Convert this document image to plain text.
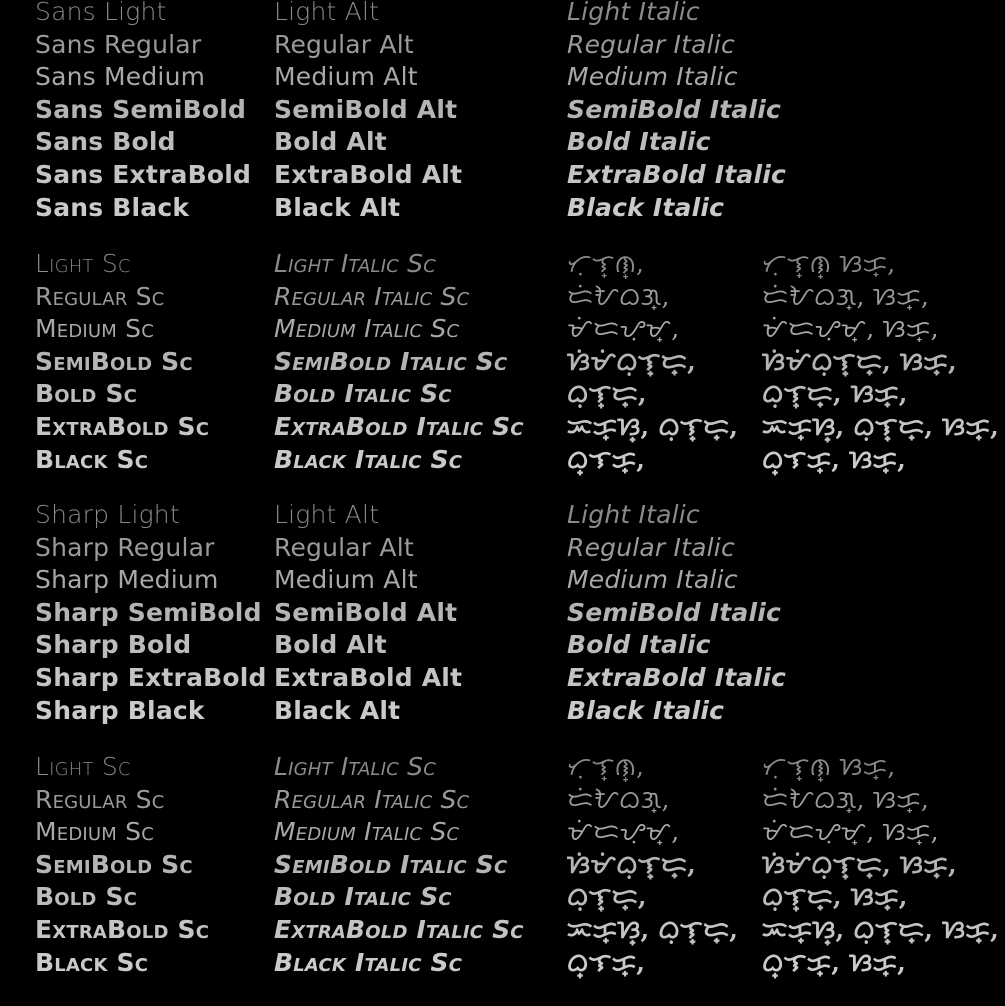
Sans Light
Sans Regular
Sans Medium
Sans SemiBold
Sans Bold
Sans ExtraBold
Sans Black
Light Alt
Regular Alt
Medium Alt
SemiBold Alt
Bold Alt
ExtraBold Alt
Black Alt
Light Italic
Regular Italic
Medium Italic
SemiBold Italic
Bold Italic
ExtraBold Italic
Black Italic
Light Sc
Regular Sc
Medium Sc
SemiBold Sc
Bold Sc
ExtraBold Sc
Black Sc
Light Italic Sc
Regular Italic Sc
Medium Italic Sc
SemiBold Italic Sc
Bold Italic Sc
ExtraBold Italic Sc
Black Italic Sc
ᜆᜓᜎ᜔ᜈ᜔,
ᜇᜒᜀᜊᜄ᜔,
ᜋᜒᜇᜌᜓᜋ᜔,
ᜐᜒᜋᜒᜊᜓᜎ᜔ᜇ᜔,
ᜊᜓᜎ᜔ᜇ᜔,
ᜁᜃ᜔ᜐ᜔, ᜊᜓᜎ᜔ᜇ᜔,
ᜊ᜔ᜎᜃ᜔,
ᜆᜓᜎ᜔ᜈ᜔ ᜐᜃ᜔,
ᜇᜒᜀᜊᜄ᜔, ᜐᜃ᜔,
ᜋᜒᜇᜌᜓᜋ᜔, ᜐᜃ᜔,
ᜐᜒᜋᜒᜊᜓᜎ᜔ᜇ᜔, ᜐᜃ᜔,
ᜊᜓᜎ᜔ᜇ᜔, ᜐᜃ᜔,
ᜁᜃ᜔ᜐ᜔, ᜊᜓᜎ᜔ᜇ᜔, ᜐᜃ᜔,
ᜊ᜔ᜎᜃ᜔, ᜐᜃ᜔,
Sharp Light
Sharp Regular
Sharp Medium
Sharp SemiBold
Sharp Bold
Sharp ExtraBold
Sharp Black
Light Alt
Regular Alt
Medium Alt
SemiBold Alt
Bold Alt
ExtraBold Alt
Black Alt
Light Italic
Regular Italic
Medium Italic
SemiBold Italic
Bold Italic
ExtraBold Italic
Black Italic
Light Sc
Regular Sc
Medium Sc
SemiBold Sc
Bold Sc
ExtraBold Sc
Black Sc
Light Italic Sc
Regular Italic Sc
Medium Italic Sc
SemiBold Italic Sc
Bold Italic Sc
ExtraBold Italic Sc
Black Italic Sc
ᜆᜓᜎ᜔ᜈ᜔,
ᜇᜒᜀᜊᜄ᜔,
ᜋᜒᜇᜌᜓᜋ᜔,
ᜐᜒᜋᜒᜊᜓᜎ᜔ᜇ᜔,
ᜊᜓᜎ᜔ᜇ᜔,
ᜁᜃ᜔ᜐ᜔, ᜊᜓᜎ᜔ᜇ᜔,
ᜊ᜔ᜎᜃ᜔,
ᜆᜓᜎ᜔ᜈ᜔ ᜐᜃ᜔,
ᜇᜒᜀᜊᜄ᜔, ᜐᜃ᜔,
ᜋᜒᜇᜌᜓᜋ᜔, ᜐᜃ᜔,
ᜐᜒᜋᜒᜊᜓᜎ᜔ᜇ᜔, ᜐᜃ᜔,
ᜊᜓᜎ᜔ᜇ᜔, ᜐᜃ᜔,
ᜁᜃ᜔ᜐ᜔, ᜊᜓᜎ᜔ᜇ᜔, ᜐᜃ᜔,
ᜊ᜔ᜎᜃ᜔, ᜐᜃ᜔,
